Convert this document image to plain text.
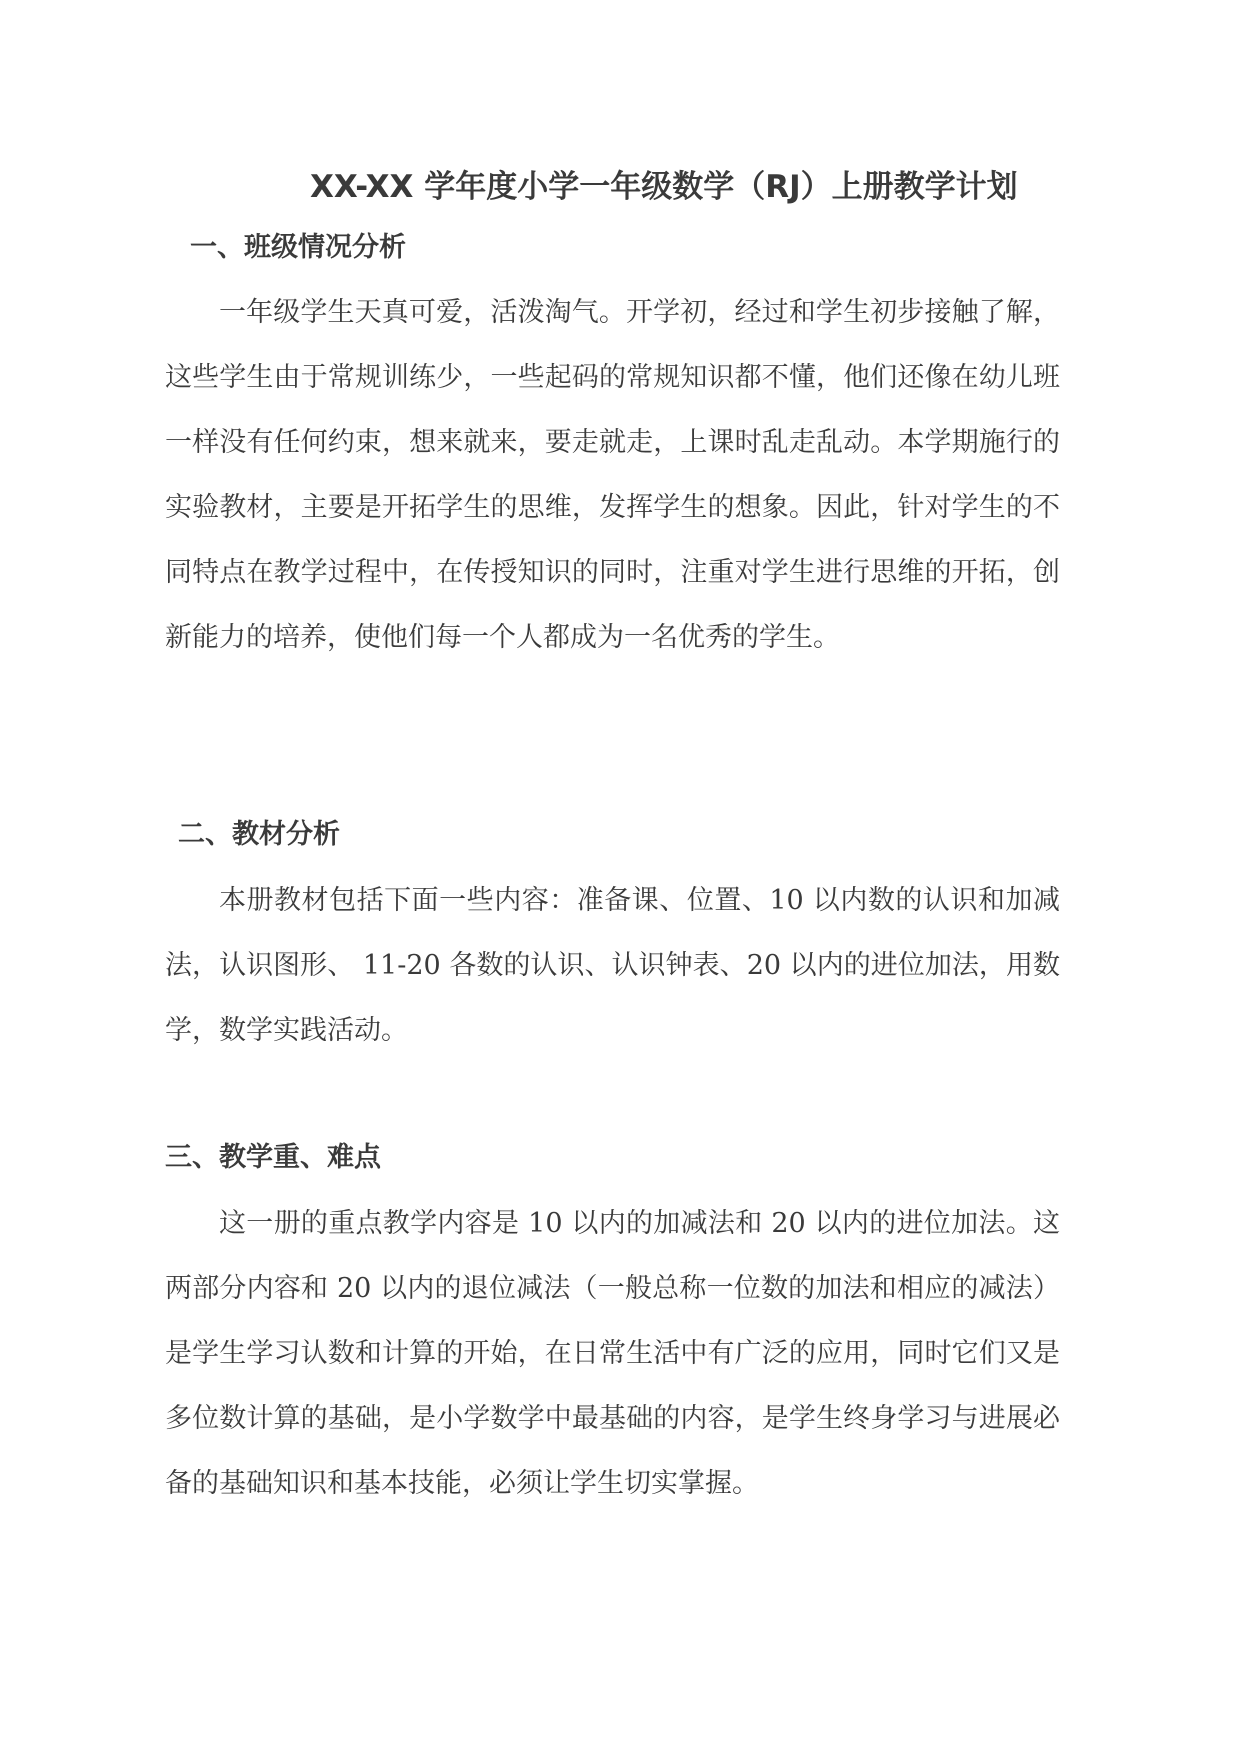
XX-XX 学年度小学一年级数学（RJ）上册教学计划
一、班级情况分析

一年级学生天真可爱，活泼淘气。开学初，经过和学生初步接触了解，这些学生由于常规训练少，一些起码的常规知识都不懂，他们还像在幼儿班一样没有任何约束，想来就来，要走就走，上课时乱走乱动。本学期施行的实验教材，主要是开拓学生的思维，发挥学生的想象。因此，针对学生的不同特点在教学过程中，在传授知识的同时，注重对学生进行思维的开拓，创新能力的培养，使他们每一个人都成为一名优秀的学生。

二、教材分析

本册教材包括下面一些内容：准备课、位置、10 以内数的认识和加减法，认识图形、 11-20 各数的认识、认识钟表、20 以内的进位加法，用数学，数学实践活动。

三、教学重、难点

这一册的重点教学内容是 10 以内的加减法和 20 以内的进位加法。这两部分内容和 20 以内的退位减法（一般总称一位数的加法和相应的减法）是学生学习认数和计算的开始，在日常生活中有广泛的应用，同时它们又是多位数计算的基础，是小学数学中最基础的内容，是学生终身学习与进展必备的基础知识和基本技能，必须让学生切实掌握。
